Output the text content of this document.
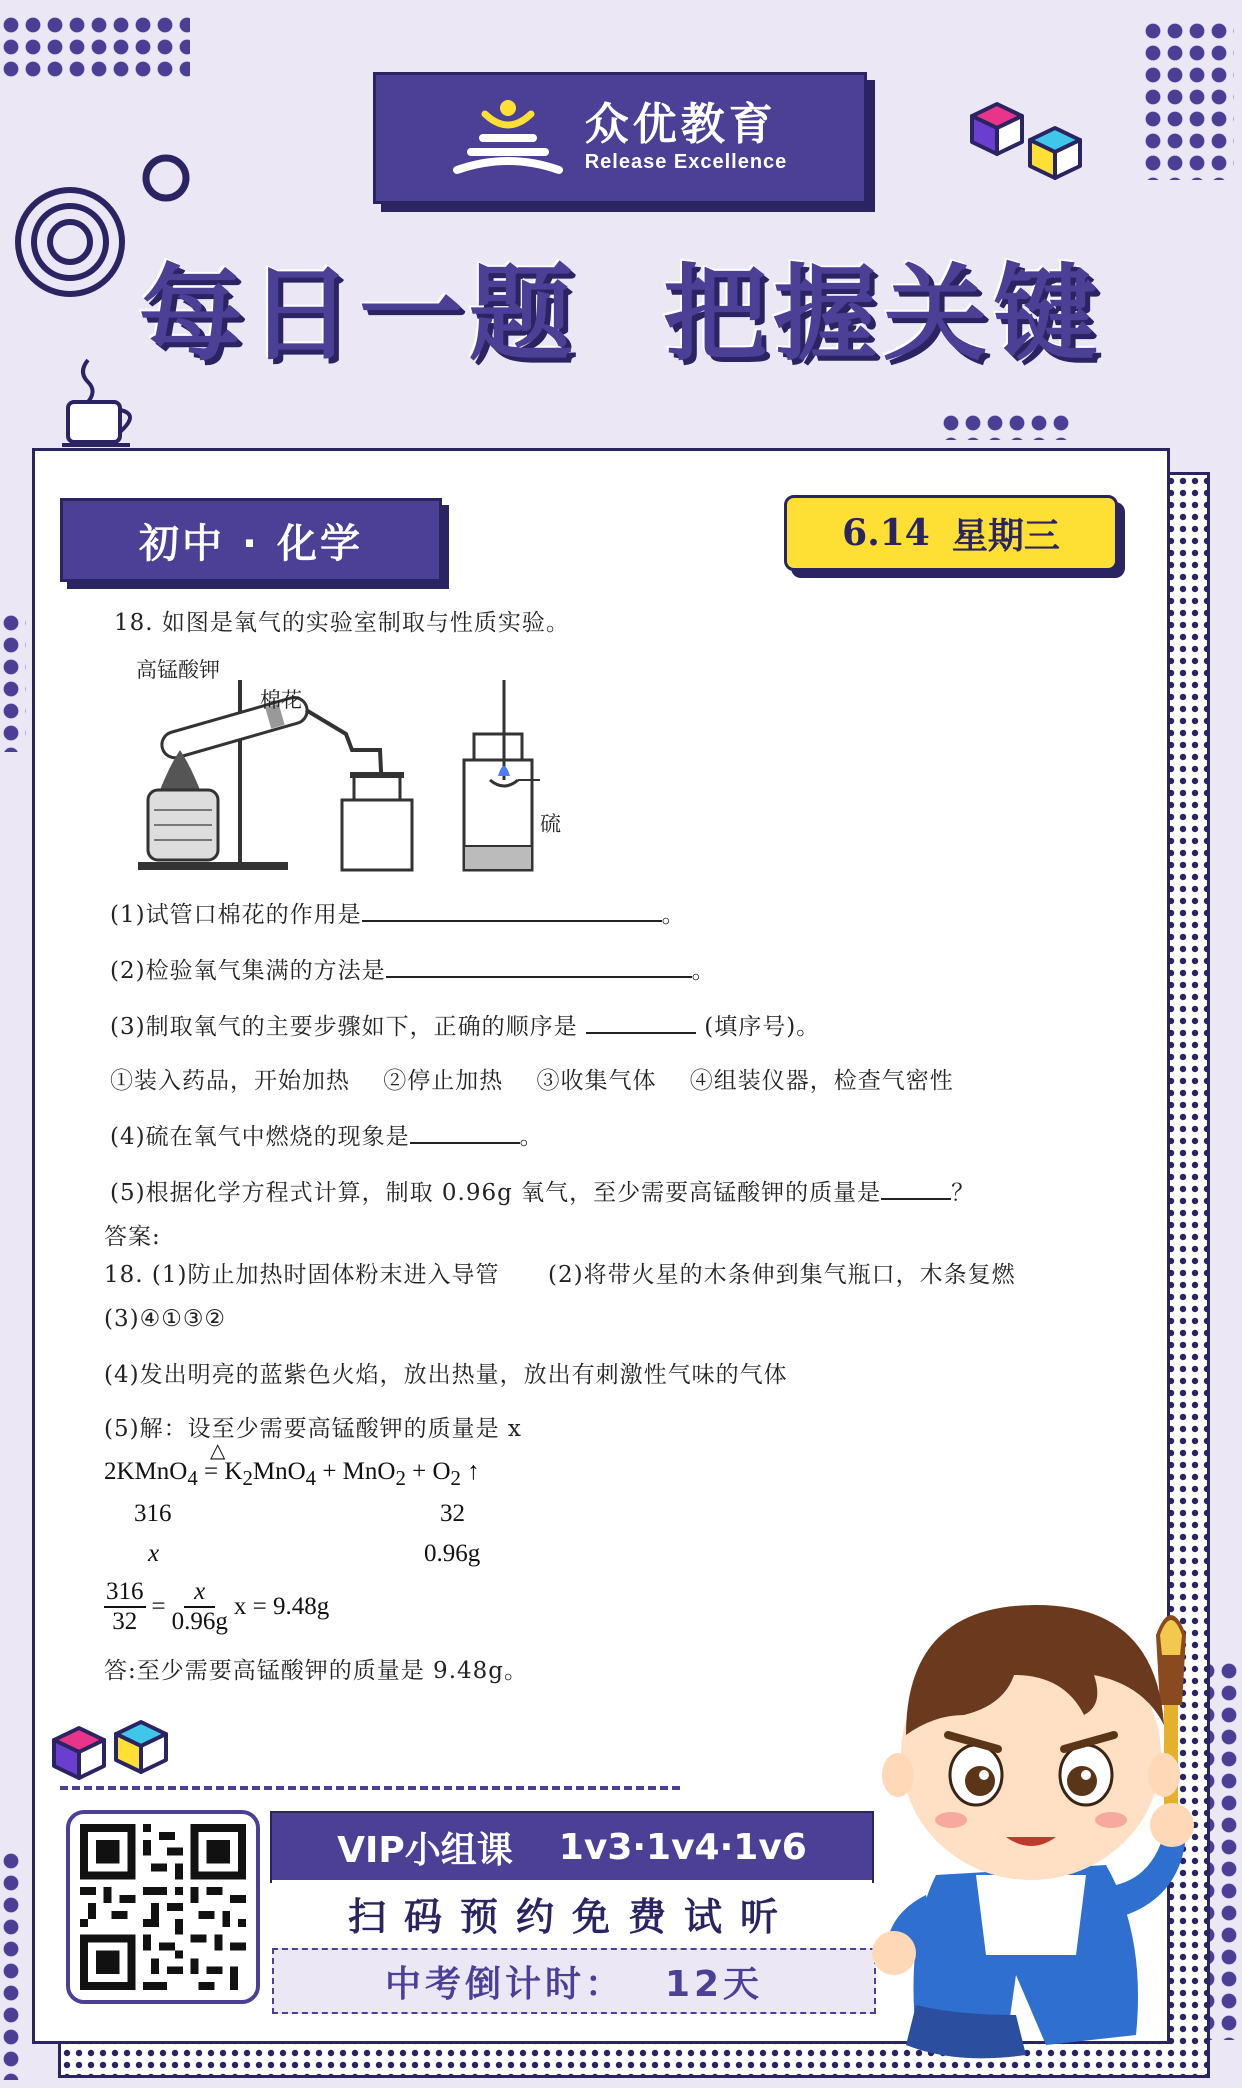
众优教育
Release Excellence
每日一题  把握关键
初中 · 化学	6.14 星期三
18. 如图是氧气的实验室制取与性质实验。
高锰酸钾
棉花
硫
(1)试管口棉花的作用是	。
(2)检验氧气集满的方法是	。
(3)制取氧气的主要步骤如下，正确的顺序是	(填序号)。
①装入药品，开始加热    ②停止加热    ③收集气体    ④组装仪器，检查气密性
(4)硫在氧气中燃烧的现象是	。
(5)根据化学方程式计算，制取 0.96g 氧气，至少需要高锰酸钾的质量是	？
答案:
18. (1)防止加热时固体粉末进入导管 (2)将带火星的木条伸到集气瓶口，木条复燃
(3)④①③②
(4)发出明亮的蓝紫色火焰，放出热量，放出有刺激性气味的气体
(5)解：设至少需要高锰酸钾的质量是 x
2KMnO$_4$
△
= $K_2MnO_4 + MnO_2 + O_2$ ↑
316	32
x	0.96g
$\frac{316}{32} = \frac{x}{0.96g}$ x = 9.48g
答:至少需要高锰酸钾的质量是 9.48g。
VIP小组课 1v3·1v4·1v6
扫码预约免费试听
中考倒计时： 12天
